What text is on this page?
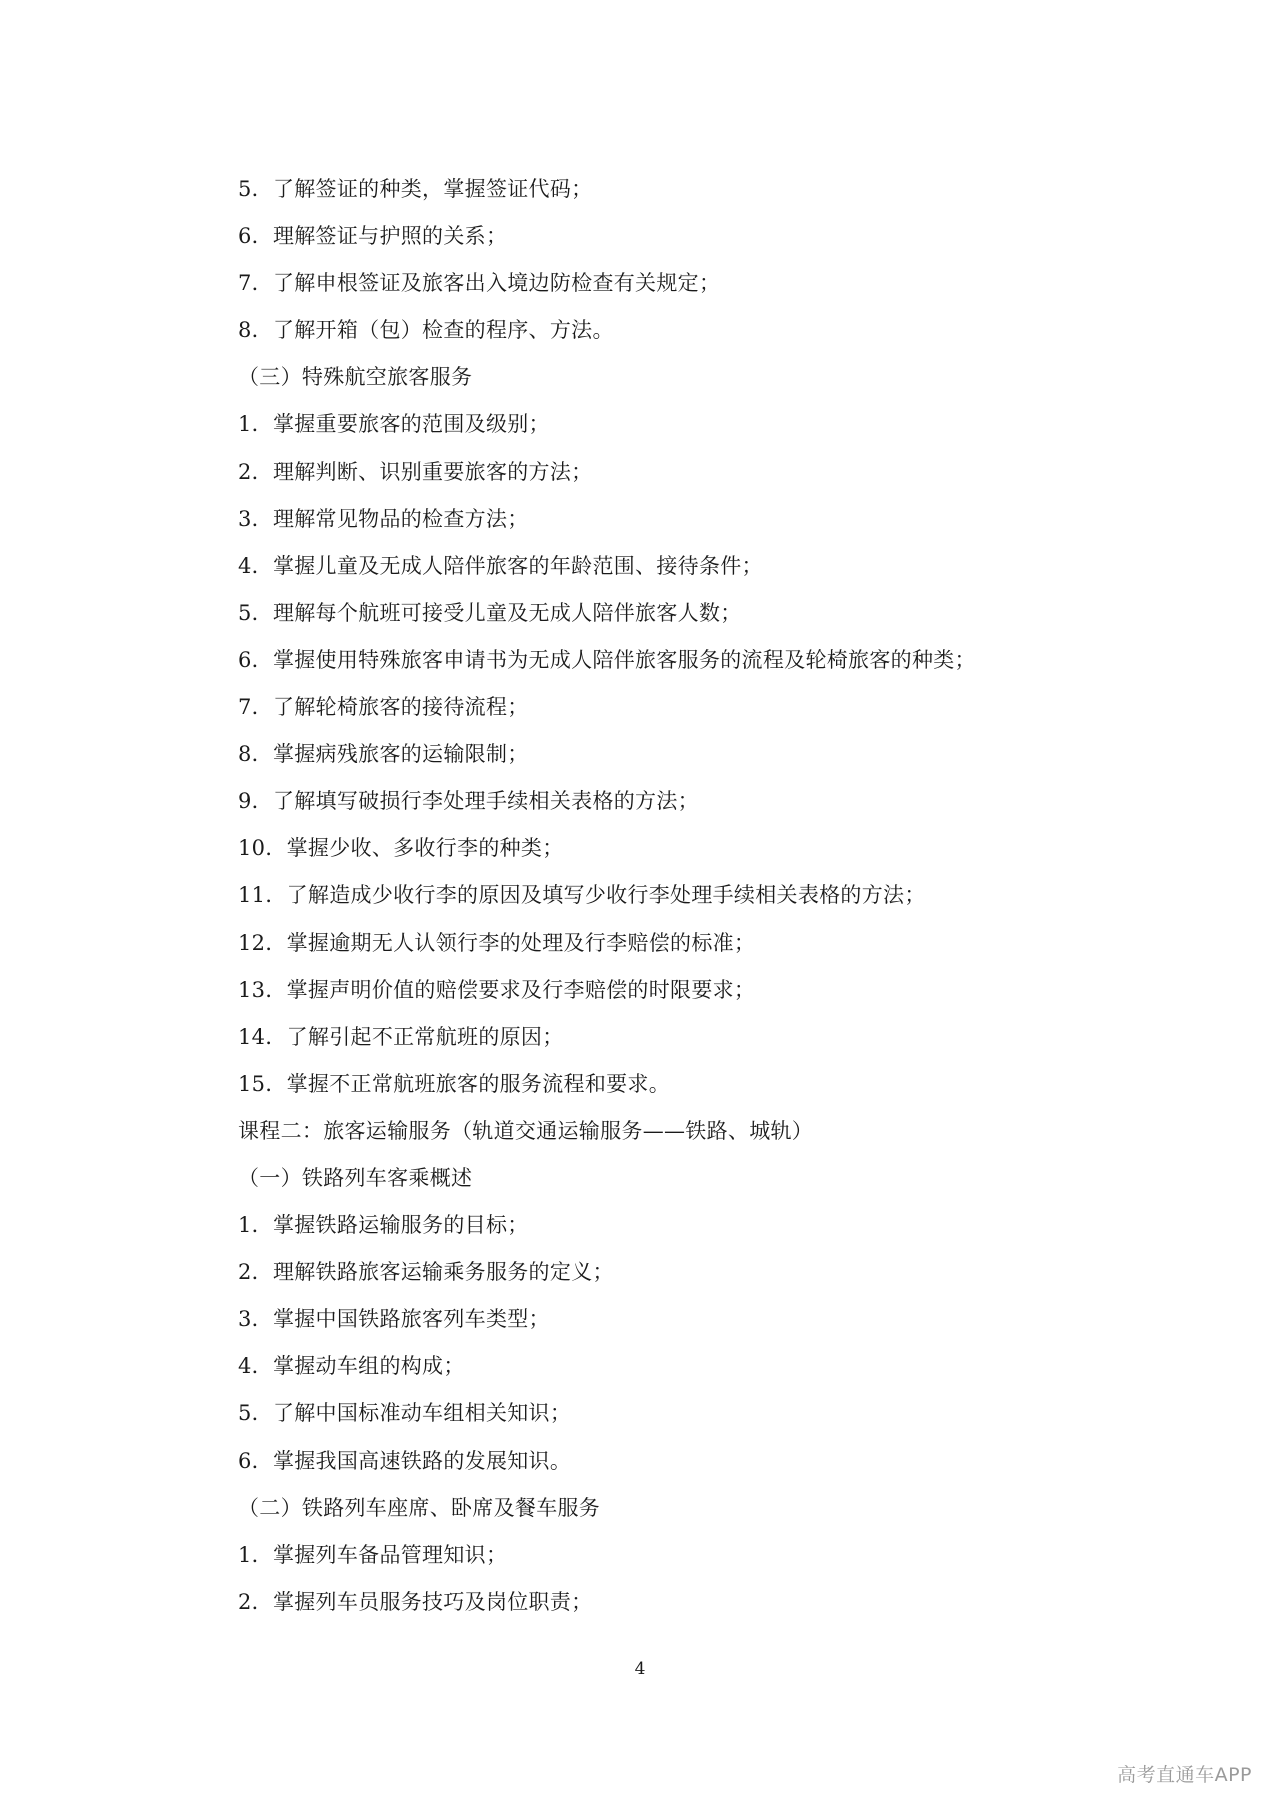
5．了解签证的种类，掌握签证代码；
6．理解签证与护照的关系；
7．了解申根签证及旅客出入境边防检查有关规定；
8．了解开箱（包）检查的程序、方法。
（三）特殊航空旅客服务
1．掌握重要旅客的范围及级别；
2．理解判断、识别重要旅客的方法；
3．理解常见物品的检查方法；
4．掌握儿童及无成人陪伴旅客的年龄范围、接待条件；
5．理解每个航班可接受儿童及无成人陪伴旅客人数；
6．掌握使用特殊旅客申请书为无成人陪伴旅客服务的流程及轮椅旅客的种类；
7．了解轮椅旅客的接待流程；
8．掌握病残旅客的运输限制；
9．了解填写破损行李处理手续相关表格的方法；
10．掌握少收、多收行李的种类；
11．了解造成少收行李的原因及填写少收行李处理手续相关表格的方法；
12．掌握逾期无人认领行李的处理及行李赔偿的标准；
13．掌握声明价值的赔偿要求及行李赔偿的时限要求；
14．了解引起不正常航班的原因；
15．掌握不正常航班旅客的服务流程和要求。
课程二：旅客运输服务（轨道交通运输服务——铁路、城轨）
（一）铁路列车客乘概述
1．掌握铁路运输服务的目标；
2．理解铁路旅客运输乘务服务的定义；
3．掌握中国铁路旅客列车类型；
4．掌握动车组的构成；
5．了解中国标准动车组相关知识；
6．掌握我国高速铁路的发展知识。
（二）铁路列车座席、卧席及餐车服务
1．掌握列车备品管理知识；
2．掌握列车员服务技巧及岗位职责；
4
高考直通车APP
